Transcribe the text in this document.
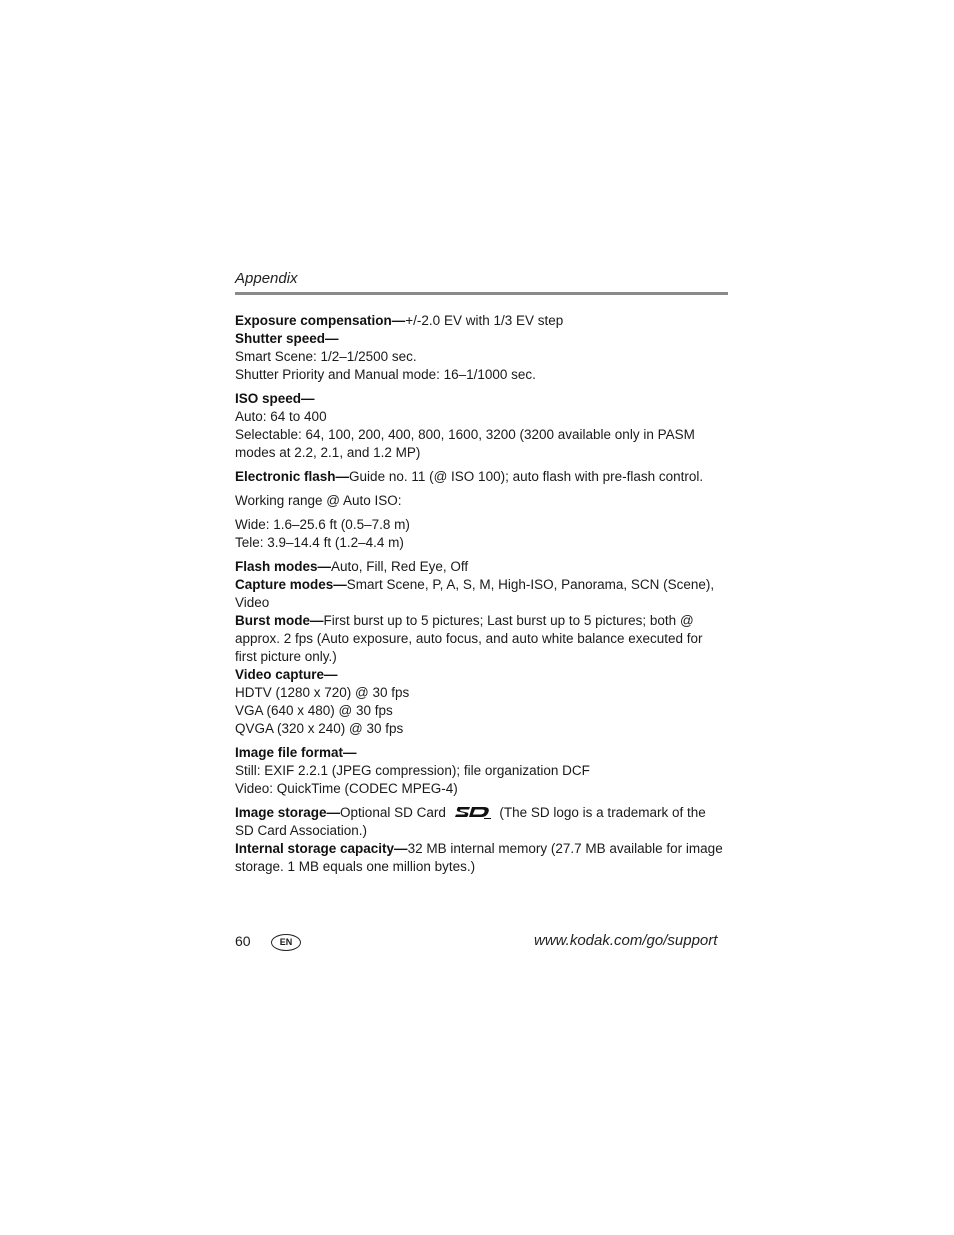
Appendix

Exposure compensation—+/-2.0 EV with 1/3 EV step

Shutter speed—

Smart Scene: 1/2–1/2500 sec.

Shutter Priority and Manual mode: 16–1/1000 sec.

ISO speed—

Auto: 64 to 400

Selectable: 64, 100, 200, 400, 800, 1600, 3200 (3200 available only in PASM modes at 2.2, 2.1, and 1.2 MP)

Electronic flash—Guide no. 11 (@ ISO 100); auto flash with pre-flash control.

Working range @ Auto ISO:

Wide: 1.6–25.6 ft (0.5–7.8 m)

Tele: 3.9–14.4 ft (1.2–4.4 m)

Flash modes—Auto, Fill, Red Eye, Off

Capture modes—Smart Scene, P, A, S, M, High-ISO, Panorama, SCN (Scene), Video

Burst mode—First burst up to 5 pictures; Last burst up to 5 pictures; both @ approx. 2 fps (Auto exposure, auto focus, and auto white balance executed for first picture only.)

Video capture—

HDTV (1280 x 720) @ 30 fps

VGA (640 x 480) @ 30 fps

QVGA (320 x 240) @ 30 fps

Image file format—

Still: EXIF 2.2.1 (JPEG compression); file organization DCF

Video: QuickTime (CODEC MPEG-4)

Image storage—Optional SD Card	(The SD logo is a trademark of the SD Card Association.)

Internal storage capacity—32 MB internal memory (27.7 MB available for image storage. 1 MB equals one million bytes.)

60	EN	www.kodak.com/go/support
